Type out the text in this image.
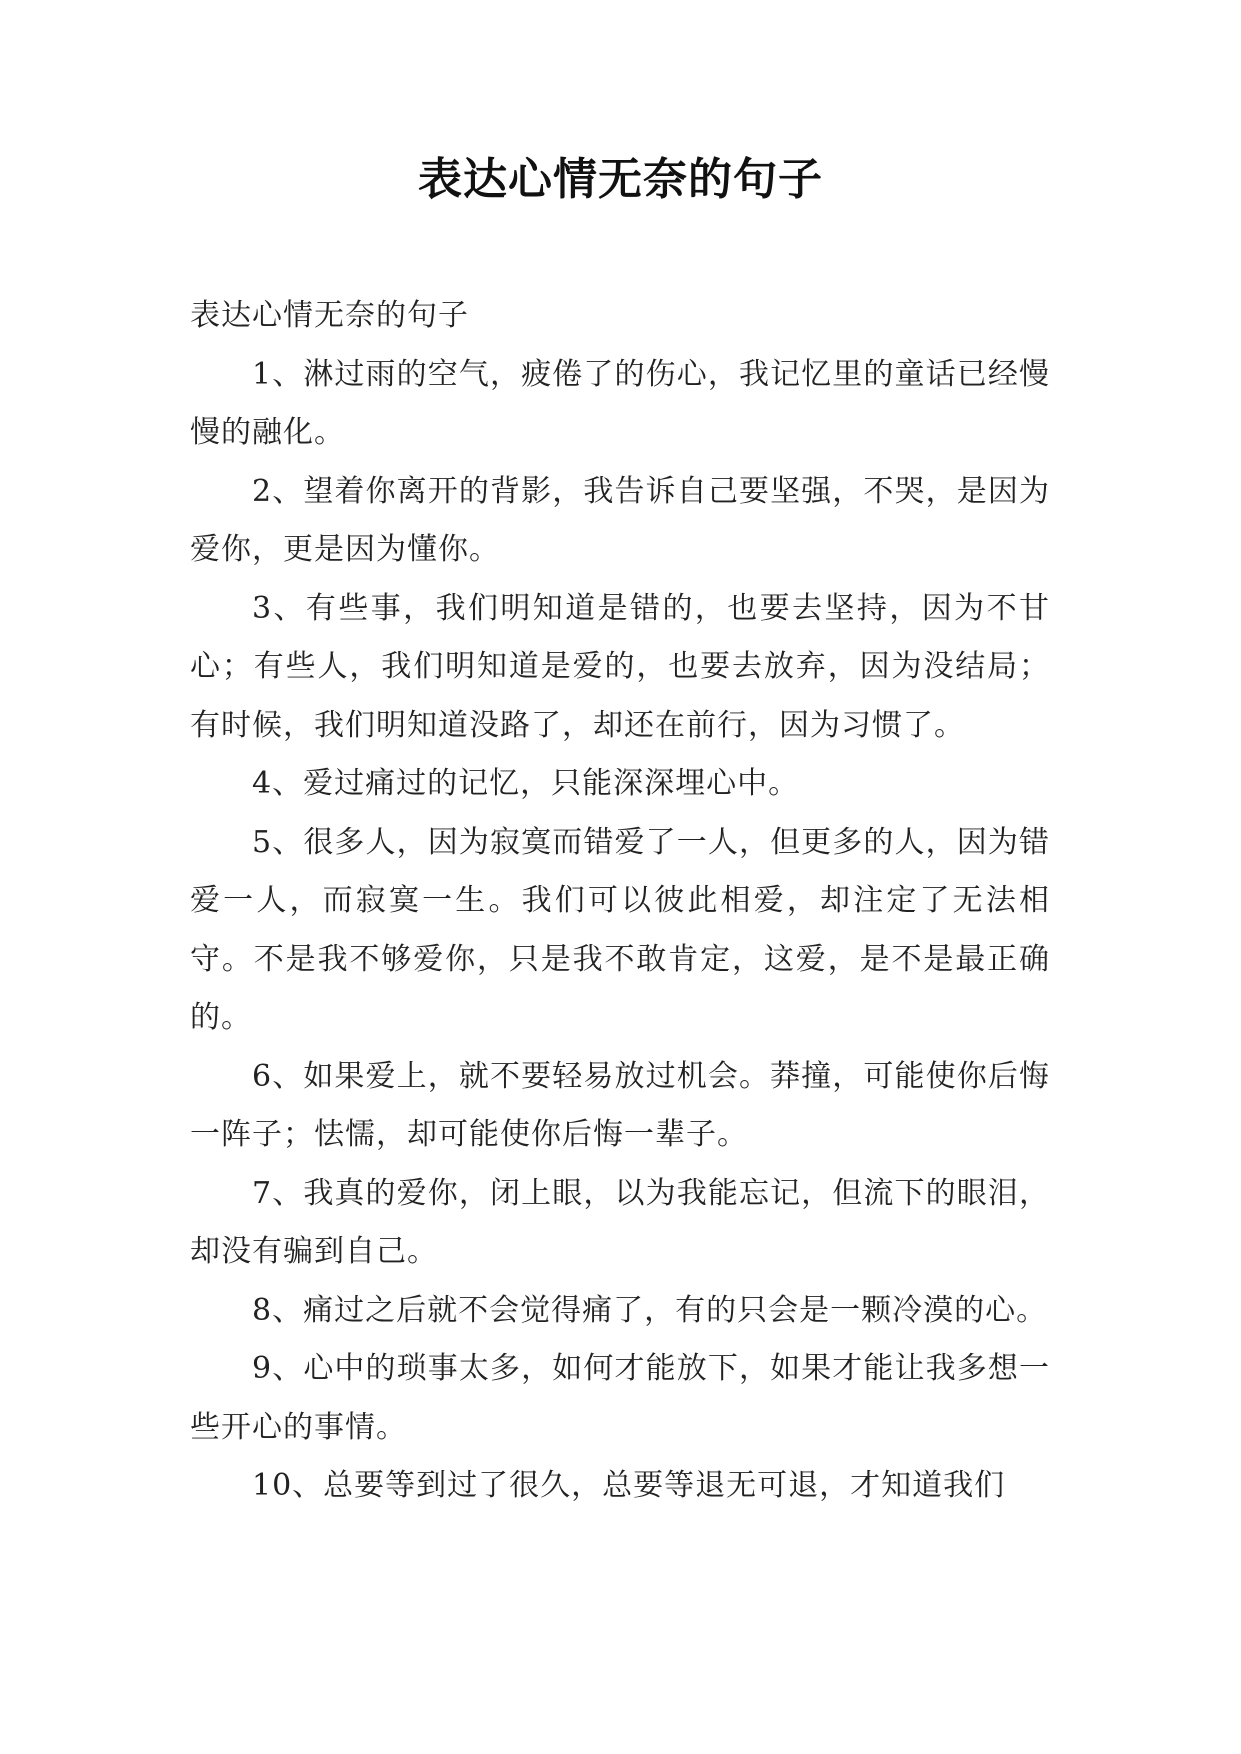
表达心情无奈的句子

表达心情无奈的句子

1、淋过雨的空气，疲倦了的伤心，我记忆里的童话已经慢慢的融化。

2、望着你离开的背影，我告诉自己要坚强，不哭，是因为爱你，更是因为懂你。

3、有些事，我们明知道是错的，也要去坚持，因为不甘心；有些人，我们明知道是爱的，也要去放弃，因为没结局；有时候，我们明知道没路了，却还在前行，因为习惯了。

4、爱过痛过的记忆，只能深深埋心中。

5、很多人，因为寂寞而错爱了一人，但更多的人，因为错爱一人，而寂寞一生。我们可以彼此相爱，却注定了无法相守。不是我不够爱你，只是我不敢肯定，这爱，是不是最正确的。

6、如果爱上，就不要轻易放过机会。莽撞，可能使你后悔一阵子；怯懦，却可能使你后悔一辈子。

7、我真的爱你，闭上眼，以为我能忘记，但流下的眼泪，却没有骗到自己。

8、痛过之后就不会觉得痛了，有的只会是一颗冷漠的心。

9、心中的琐事太多，如何才能放下，如果才能让我多想一些开心的事情。

10、总要等到过了很久，总要等退无可退，才知道我们
